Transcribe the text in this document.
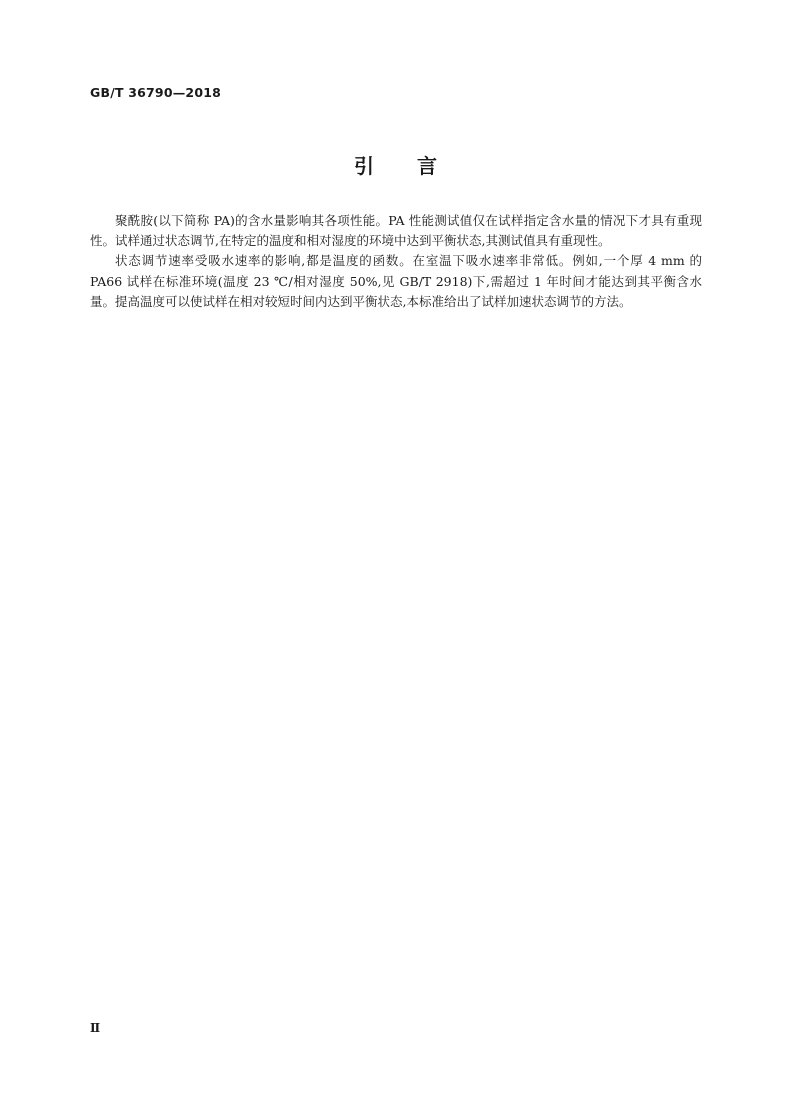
GB/T 36790—2018
引　　言

聚酰胺(以下简称 PA)的含水量影响其各项性能。PA 性能测试值仅在试样指定含水量的情况下才具有重现性。试样通过状态调节,在特定的温度和相对湿度的环境中达到平衡状态,其测试值具有重现性。

状态调节速率受吸水速率的影响,都是温度的函数。在室温下吸水速率非常低。例如,一个厚 4 mm 的 PA66 试样在标准环境(温度 23 ℃/相对湿度 50%,见 GB/T 2918)下,需超过 1 年时间才能达到其平衡含水量。提高温度可以使试样在相对较短时间内达到平衡状态,本标准给出了试样加速状态调节的方法。

Ⅱ
